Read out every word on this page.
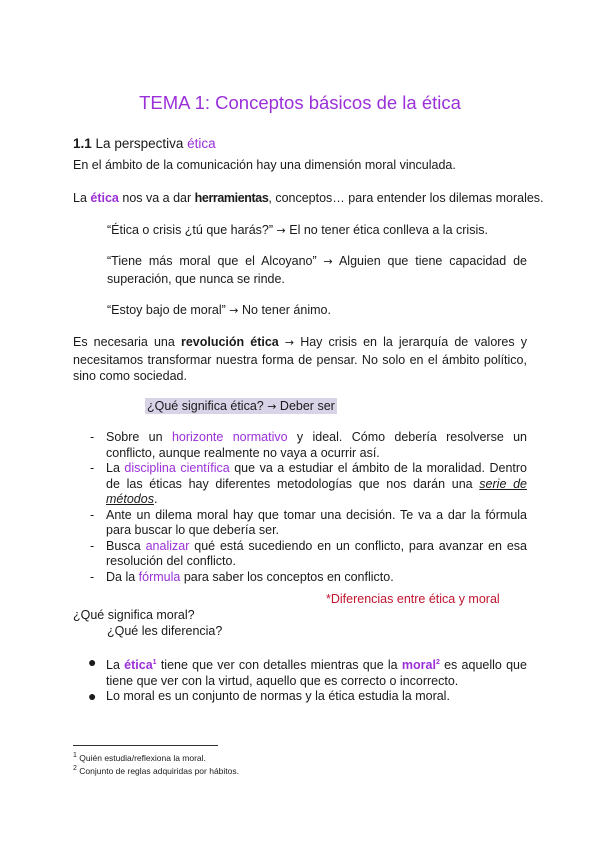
TEMA 1: Conceptos básicos de la ética
1.1 La perspectiva ética
En el ámbito de la comunicación hay una dimensión moral vinculada.
La ética nos va a dar herramientas, conceptos… para entender los dilemas morales.
“Ética o crisis ¿tú que harás?” → El no tener ética conlleva a la crisis.
“Tiene más moral que el Alcoyano” → Alguien que tiene capacidad de superación, que nunca se rinde.
“Estoy bajo de moral” → No tener ánimo.
Es necesaria una revolución ética → Hay crisis en la jerarquía de valores y necesitamos transformar nuestra forma de pensar. No solo en el ámbito político, sino como sociedad.
¿Qué significa ética? → Deber ser
- Sobre un horizonte normativo y ideal. Cómo debería resolverse un conflicto, aunque realmente no vaya a ocurrir así.
- La disciplina científica que va a estudiar el ámbito de la moralidad. Dentro de las éticas hay diferentes metodologías que nos darán una serie de métodos.
- Ante un dilema moral hay que tomar una decisión. Te va a dar la fórmula para buscar lo que debería ser.
- Busca analizar qué está sucediendo en un conflicto, para avanzar en esa resolución del conflicto.
- Da la fórmula para saber los conceptos en conflicto.
*Diferencias entre ética y moral
¿Qué significa moral?
¿Qué les diferencia?
● La ética$^1$ tiene que ver con detalles mientras que la moral$^2$ es aquello que tiene que ver con la virtud, aquello que es correcto o incorrecto.
● Lo moral es un conjunto de normas y la ética estudia la moral.
$^1$ Quién estudia/reflexiona la moral.
$^2$ Conjunto de reglas adquiridas por hábitos.
